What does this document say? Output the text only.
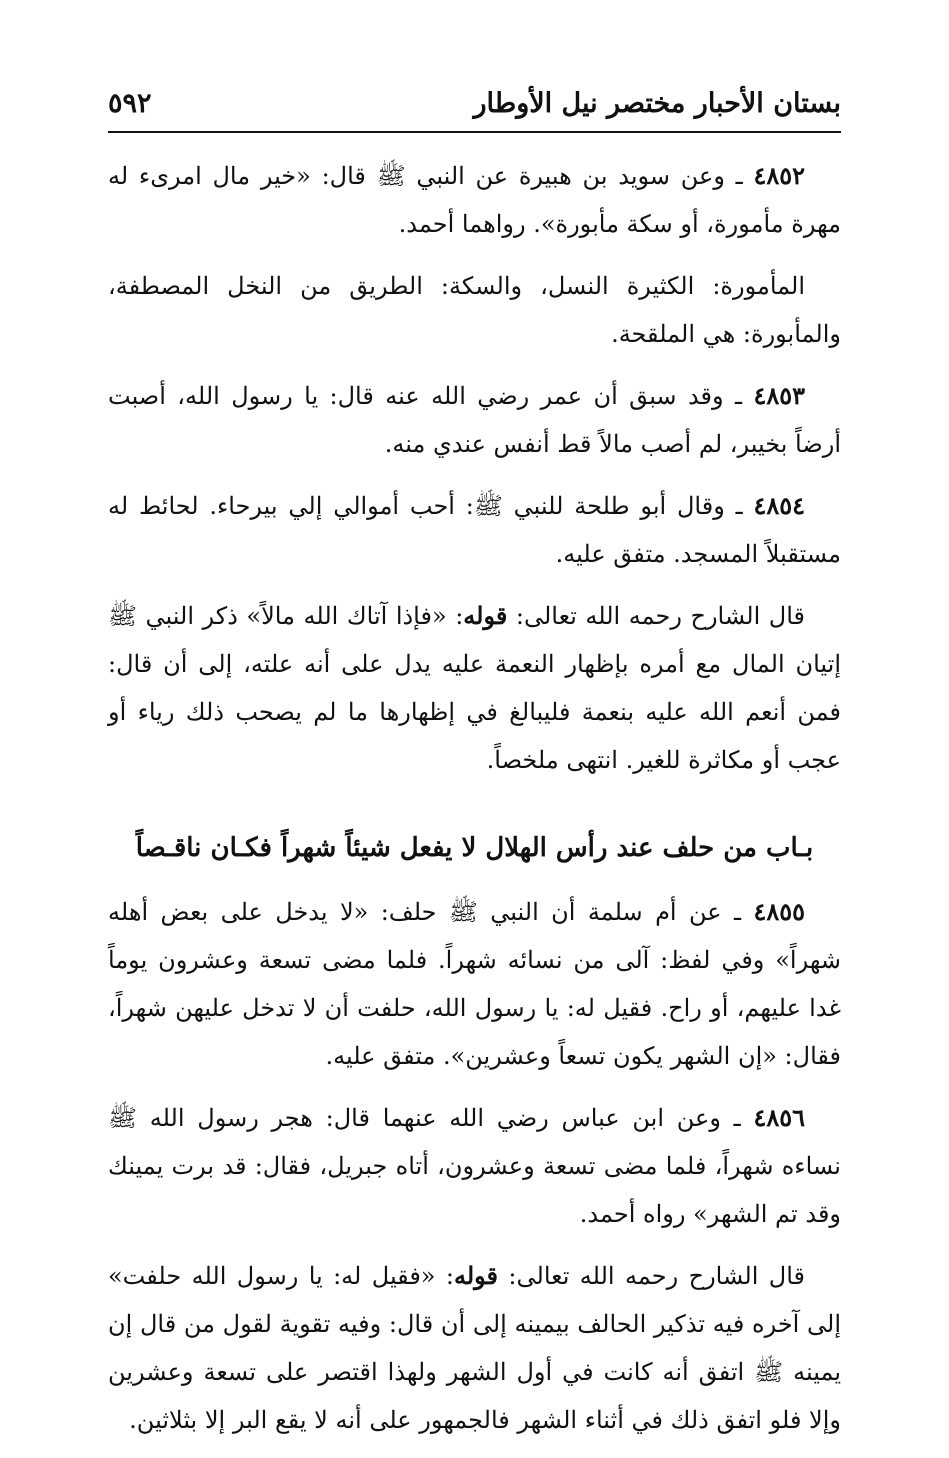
بستان الأحبار مختصر نيل الأوطار
٥٩٢

٤٨٥٢ ـ وعن سويد بن هبيرة عن النبي ﷺ قال: «خير مال امرىء له مهرة مأمورة، أو سكة مأبورة». رواهما أحمد.

المأمورة: الكثيرة النسل، والسكة: الطريق من النخل المصطفة، والمأبورة: هي الملقحة.

٤٨٥٣ ـ وقد سبق أن عمر رضي الله عنه قال: يا رسول الله، أصبت أرضاً بخيبر، لم أصب مالاً قط أنفس عندي منه.

٤٨٥٤ ـ وقال أبو طلحة للنبي ﷺ: أحب أموالي إلي بيرحاء. لحائط له مستقبلاً المسجد. متفق عليه.

قال الشارح رحمه الله تعالى: قوله: «فإذا آتاك الله مالاً» ذكر النبي ﷺ إتيان المال مع أمره بإظهار النعمة عليه يدل على أنه علته، إلى أن قال: فمن أنعم الله عليه بنعمة فليبالغ في إظهارها ما لم يصحب ذلك رياء أو عجب أو مكاثرة للغير. انتهى ملخصاً.

بـاب من حلف عند رأس الهلال لا يفعل شيئاً شهراً فكـان ناقـصاً

٤٨٥٥ ـ عن أم سلمة أن النبي ﷺ حلف: «لا يدخل على بعض أهله شهراً» وفي لفظ: آلى من نسائه شهراً. فلما مضى تسعة وعشرون يوماً غدا عليهم، أو راح. فقيل له: يا رسول الله، حلفت أن لا تدخل عليهن شهراً، فقال: «إن الشهر يكون تسعاً وعشرين». متفق عليه.

٤٨٥٦ ـ وعن ابن عباس رضي الله عنهما قال: هجر رسول الله ﷺ نساءه شهراً، فلما مضى تسعة وعشرون، أتاه جبريل، فقال: قد برت يمينك وقد تم الشهر» رواه أحمد.

قال الشارح رحمه الله تعالى: قوله: «فقيل له: يا رسول الله حلفت» إلى آخره فيه تذكير الحالف بيمينه إلى أن قال: وفيه تقوية لقول من قال إن يمينه ﷺ اتفق أنه كانت في أول الشهر ولهذا اقتصر على تسعة وعشرين وإلا فلو اتفق ذلك في أثناء الشهر فالجمهور على أنه لا يقع البر إلا بثلاثين.
